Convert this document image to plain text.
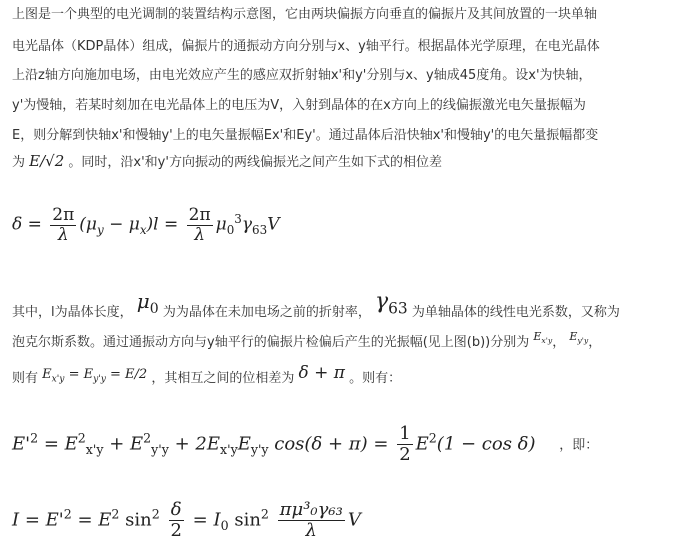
上图是一个典型的电光调制的装置结构示意图，它由两块偏振方向垂直的偏振片及其间放置的一块单轴
电光晶体（KDP晶体）组成，偏振片的通振动方向分别与x、y轴平行。根据晶体光学原理，在电光晶体
上沿z轴方向施加电场，由电光效应产生的感应双折射轴x'和y'分别与x、y轴成45度角。设x'为快轴，
y'为慢轴，若某时刻加在电光晶体上的电压为V，入射到晶体的在x方向上的线偏振激光电矢量振幅为
E，则分解到快轴x'和慢轴y'上的电矢量振幅Ex'和Ey'。通过晶体后沿快轴x'和慢轴y'的电矢量振幅都变
为 E/√2 。同时，沿x'和y'方向振动的两线偏振光之间产生如下式的相位差
$\delta = \frac{2\pi}{\lambda} (\mu_y - \mu_x)l = \frac{2\pi}{\lambda} \mu_0^3\gamma_{63}V$
其中，l为晶体长度， $\mu_0$ 为为晶体在未加电场之前的折射率， $\gamma_{63}$ 为单轴晶体的线性电光系数，又称为
泡克尔斯系数。通过通振动方向与y轴平行的偏振片检偏后产生的光振幅(见上图(b))分别为 $^{E_{x'y}}$， $^{E_{y'y}}$，
则有 $E_{x'y} = E_{y'y} = E/2$ ，其相互之间的位相差为 δ + π 。则有：
$E'^2 = E^2_{x'y} + E^2_{y'y} + 2E_{x'y}E_{y'y}$ $\cos(\delta + \pi) = \frac{1}{2} E^2(1 - \cos \delta)$ ，即：
$I = E'^2 = E^2$ $\sin^2 \frac{\delta}{2} = I_0$ $\sin^2 \frac{\text{πμ³₀γ₆₃}}{\lambda}$ V
